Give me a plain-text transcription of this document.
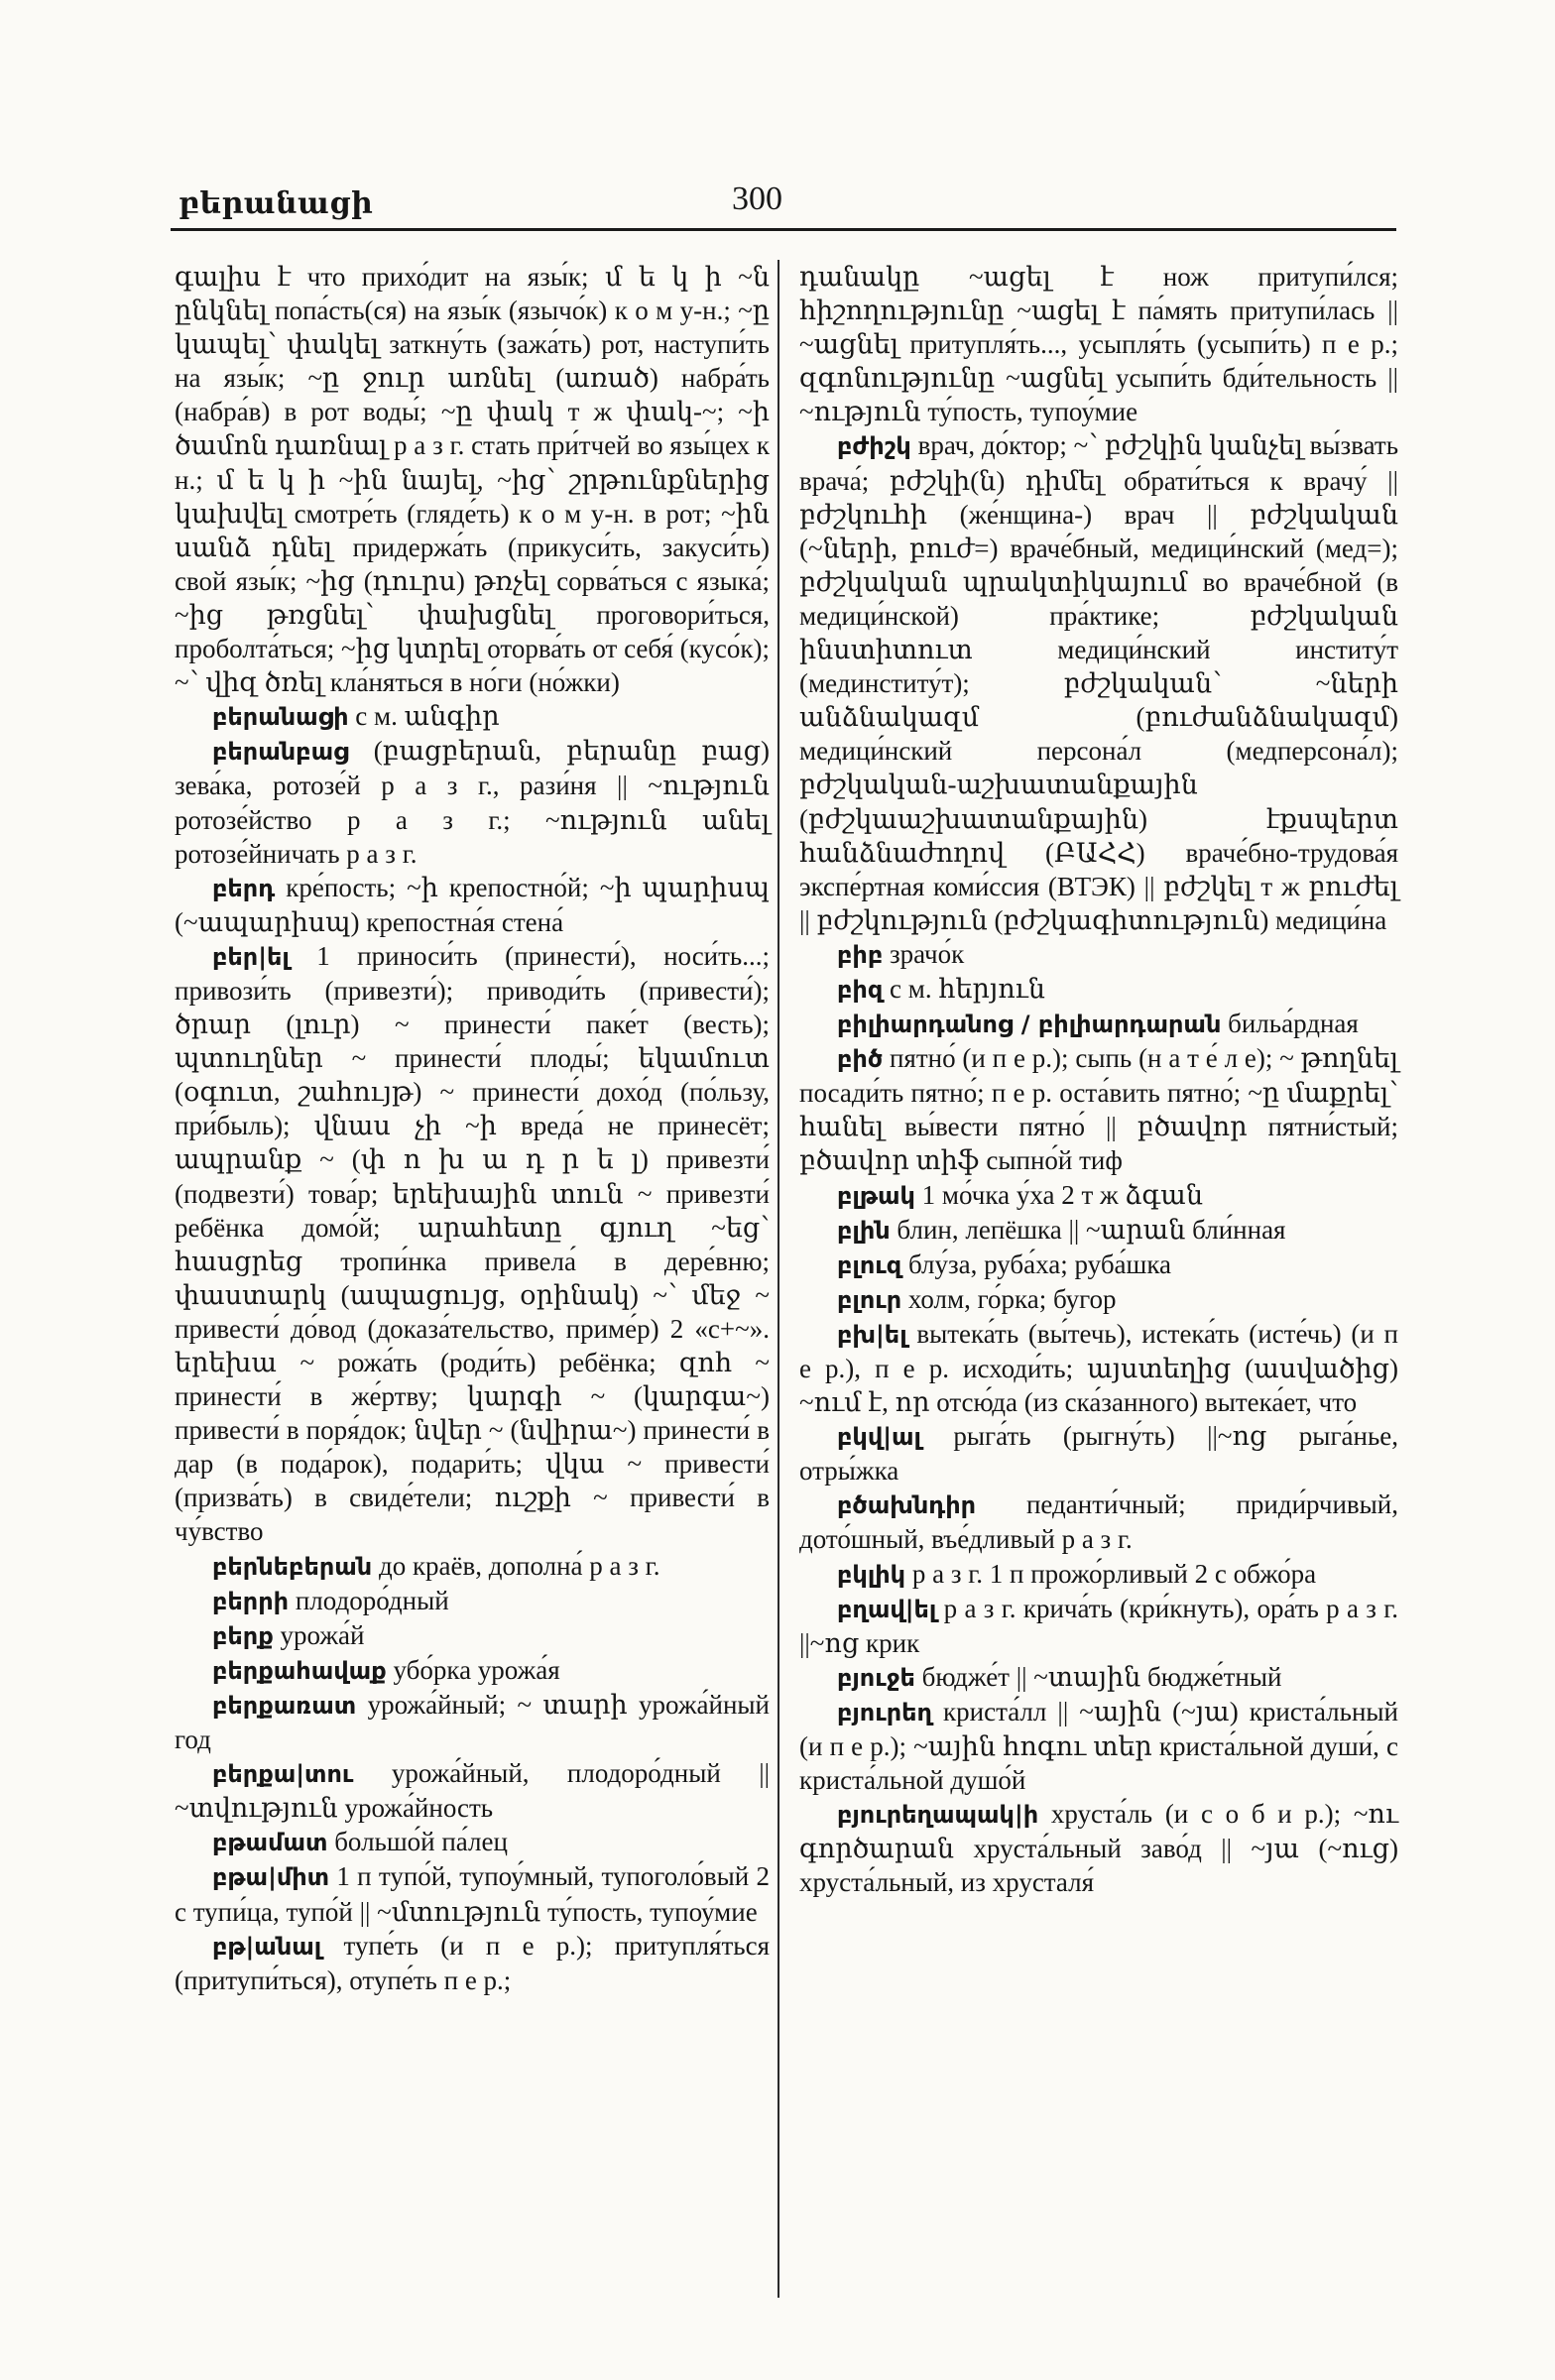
բերանացի	300

գալիս է что прихо́дит на язы́к; մ ե կ ի ~ն ընկնել попа́сть(ся) на язы́к (язычо́к) к о м у-н.; ~ը կապել՝ փակել заткну́ть (зажа́ть) рот, наступи́ть на язы́к; ~ը ջուր առնել (առած) набра́ть (набра́в) в рот воды́; ~ը փակ т ж փակ-~; ~ի ծամոն դառնալ р а з г. стать при́тчей во язы́цех к н.; մ ե կ ի ~ին նայել, ~ից՝ շրթունքներից կախվել смотре́ть (гляде́ть) к о м у-н. в рот; ~ին սանձ դնել придержа́ть (прикуси́ть, закуси́ть) свой язы́к; ~ից (դուրս) թռչել сорва́ться с языка́; ~ից թռցնել՝ փախցնել проговори́ться, проболта́ться; ~ից կտրել оторва́ть от себя́ (кусо́к); ~՝ վիզ ծռել кла́няться в но́ги (но́жки)

բերանացի с м. անգիր

բերանբաց (բացբերան, բերանը բաց) зева́ка, ротозе́й р а з г., рази́ня || ~ություն ротозе́йство р а з г.; ~ություն անել ротозе́йничать р а з г.

բերդ кре́пость; ~ի крепостно́й; ~ի պարիսպ (~ապարիսպ) крепостна́я стена́

բեր|ել 1 приноси́ть (принести́), носи́ть...; привози́ть (привезти́); приводи́ть (привести́); ծրար (լուր) ~ принести́ паке́т (весть); պտուղներ ~ принести́ плоды́; եկամուտ (օգուտ, շահույթ) ~ принести́ дохо́д (по́льзу, при́быль); վնաս չի ~ի вреда́ не принесёт; ապրանք ~ (փ ո խ ա դ ր ե լ) привезти́ (подвезти́) това́р; երեխային տուն ~ привезти́ ребёнка домо́й; արահետը գյուղ ~եց՝ հասցրեց тропи́нка привела́ в дере́вню; փաստարկ (ապացույց, օրինակ) ~՝ մեջ ~ привести́ до́вод (доказа́тельство, приме́р) 2 «с+~». երեխա ~ рожа́ть (роди́ть) ребёнка; զոհ ~ принести́ в же́ртву; կարգի ~ (կարգա~) привести́ в поря́док; նվեր ~ (նվիրա~) принести́ в дар (в пода́рок), подари́ть; վկա ~ привести́ (призва́ть) в свиде́тели; ուշքի ~ привести́ в чу́вство

բերնեբերան до краёв, дополна́ р а з г.

բերրի плодоро́дный

բերք урожа́й

բերքահավաք убо́рка урожа́я

բերքառատ урожа́йный; ~ տարի урожа́йный год

բերքա|տու урожа́йный, плодоро́дный || ~տվություն урожа́йность

բթամատ большо́й па́лец

բթա|միտ 1 п тупо́й, тупоу́мный, тупоголо́вый 2 с тупи́ца, тупо́й || ~մտություն ту́пость, тупоу́мие

բթ|անալ тупе́ть (и п е р.); притупля́ться (притупи́ться), отупе́ть п е р.;

դանակը ~ացել է нож притупи́лся; հիշողությունը ~ացել է па́мять притупи́лась || ~ացնել притупля́ть..., усыпля́ть (усыпи́ть) п е р.; զգոնությունը ~ացնել усыпи́ть бди́тельность || ~ություն ту́пость, тупоу́мие

բժիշկ врач, до́ктор; ~՝ բժշկին կանչել вы́звать врача́; բժշկի(ն) դիմել обрати́ться к врачу́ || բժշկուհի (же́нщина-) врач || բժշկական (~ների, բուժ=) враче́бный, медици́нский (мед=); բժշկական պրակտիկայում во враче́бной (в медици́нской) пра́ктике; բժշկական ինստիտուտ медици́нский институ́т (мединститу́т); բժշկական՝ ~ների անձնակազմ (բուժանձնակազմ) медици́нский персона́л (медперсона́л); բժշկական-աշխատանքային (բժշկաաշխատանքային) էքսպերտ հանձնաժողով (ԲԱՀՀ) враче́бно-трудова́я экспе́ртная коми́ссия (ВТЭК) || բժշկել т ж բուժել || բժշկություն (բժշկագիտություն) медици́на

բիբ зрачо́к

բիզ с м. հերյուն

բիլիարդանոց / բիլիարդարան бильа́рдная

բիծ пятно́ (и п е р.); сыпь (н а т е́ л е); ~ թողնել посади́ть пятно́; п е р. оста́вить пятно́; ~ը մաքրել՝ հանել вы́вести пятно́ || բծավոր пятни́стый; բծավոր տիֆ сыпно́й тиф

բլթակ 1 мо́чка у́ха 2 т ж ձգան

բլին блин, лепёшка || ~արան бли́нная

բլուզ блу́за, руба́ха; руба́шка

բլուր холм, го́рка; бугор

բխ|ել вытека́ть (вы́течь), истека́ть (исте́чь) (и п е р.), п е р. исходи́ть; այստեղից (ասվածից) ~ում է, որ отсю́да (из ска́занного) вытека́ет, что

բկվ|ալ рыга́ть (рыгну́ть) ||~ոց рыга́нье, отры́жка

բծախնդիր педанти́чный; приди́рчивый, дото́шный, въе́дливый р а з г.

բկլիկ р а з г. 1 п прожо́рливый 2 с обжо́ра

բղավ|ել р а з г. крича́ть (кри́кнуть), ора́ть р а з г. ||~ոց крик

բյուջե бюдже́т || ~տային бюдже́тный

բյուրեղ криста́лл || ~ային (~յա) криста́льный (и п е р.); ~ային հոգու տեր криста́льной души́, с криста́льной душо́й

բյուրեղապակ|ի хруста́ль (и с о б и р.); ~ու գործարան хруста́льный заво́д || ~յա (~ուց) хруста́льный, из хрусталя́
